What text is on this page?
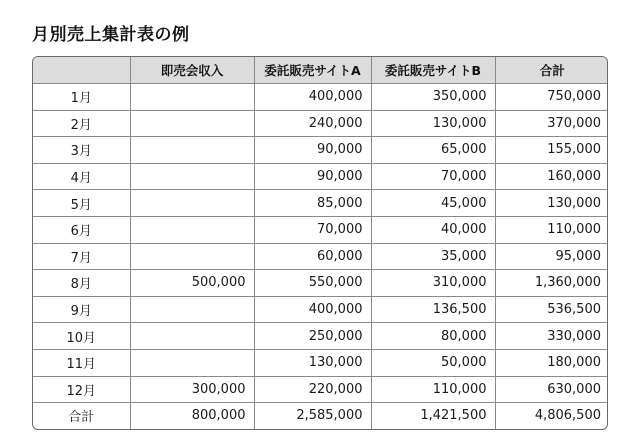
月別売上集計表の例
	即売会収入	委託販売サイトA	委託販売サイトB	合計
1月		400,000	350,000	750,000
2月		240,000	130,000	370,000
3月		90,000	65,000	155,000
4月		90,000	70,000	160,000
5月		85,000	45,000	130,000
6月		70,000	40,000	110,000
7月		60,000	35,000	95,000
8月	500,000	550,000	310,000	1,360,000
9月		400,000	136,500	536,500
10月		250,000	80,000	330,000
11月		130,000	50,000	180,000
12月	300,000	220,000	110,000	630,000
合計	800,000	2,585,000	1,421,500	4,806,500
